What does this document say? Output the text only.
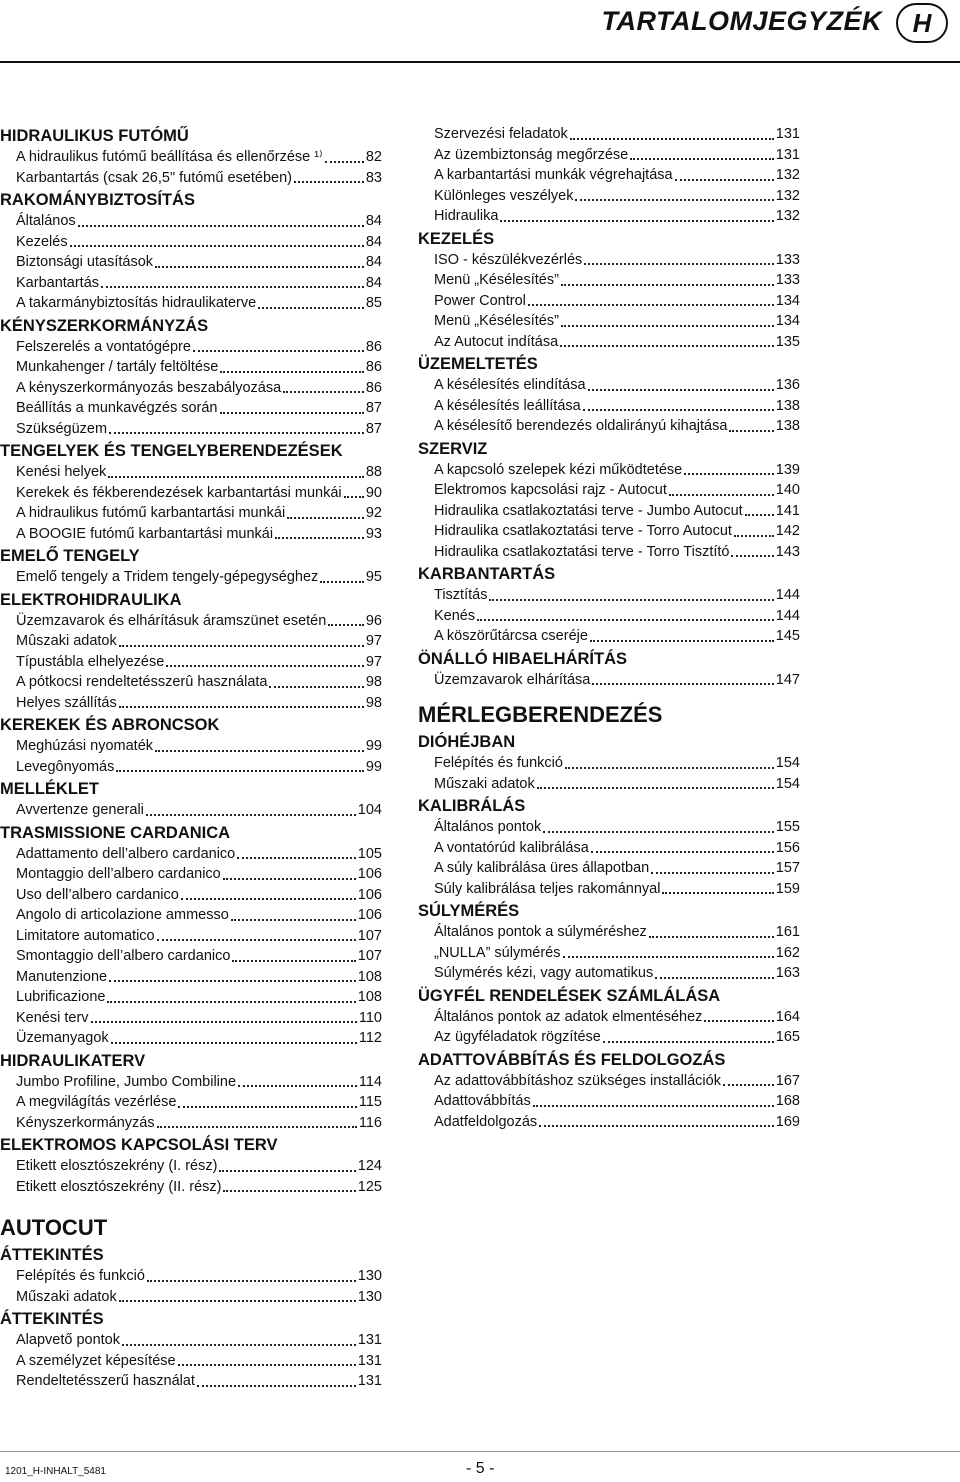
TARTALOMJEGYZÉK	H
HIDRAULIKUS FUTÓMŰ
A hidraulikus futómű beállítása és ellenőrzése ¹⁾	82
Karbantartás (csak 26,5" futómű esetében)	83
RAKOMÁNYBIZTOSÍTÁS
Általános	84
Kezelés	84
Biztonsági utasítások	84
Karbantartás	84
A takarmánybiztosítás hidraulikaterve	85
KÉNYSZERKORMÁNYZÁS
Felszerelés a vontatógépre	86
Munkahenger / tartály feltöltése	86
A kényszerkormányozás beszabályozása	86
Beállítás a munkavégzés során	87
Szükségüzem	87
TENGELYEK ÉS TENGELYBERENDEZÉSEK
Kenési helyek	88
Kerekek és fékberendezések karbantartási munkái 90
A hidraulikus futómű karbantartási munkái	92
A BOOGIE futómű karbantartási munkái	93
EMELŐ TENGELY
Emelő tengely a Tridem tengely-gépegységhez	95
ELEKTROHIDRAULIKA
Üzemzavarok és elhárításuk áramszünet esetén	96
Mûszaki adatok	97
Típustábla elhelyezése	97
A pótkocsi rendeltetésszerû használata	98
Helyes szállítás	98
KEREKEK ÉS ABRONCSOK
Meghúzási nyomaték	99
Levegônyomás	99
MELLÉKLET
Avvertenze generali	104
TRASMISSIONE CARDANICA
Adattamento dell’albero cardanico	105
Montaggio dell’albero cardanico	106
Uso dell’albero cardanico	106
Angolo di articolazione ammesso	106
Limitatore automatico	107
Smontaggio dell’albero cardanico	107
Manutenzione	108
Lubrificazione	108
Kenési terv	110
Üzemanyagok	112
HIDRAULIKATERV
Jumbo Profiline, Jumbo Combiline	114
A megvilágítás vezérlése	115
Kényszerkormányzás	116
ELEKTROMOS KAPCSOLÁSI TERV
Etikett elosztószekrény (I. rész)	124
Etikett elosztószekrény (II. rész)	125
AUTOCUT
ÁTTEKINTÉS
Felépítés és funkció	130
Műszaki adatok	130
ÁTTEKINTÉS
Alapvető pontok	131
A személyzet képesítése	131
Rendeltetésszerű használat	131
Szervezési feladatok	131
Az üzembiztonság megőrzése	131
A karbantartási munkák végrehajtása	132
Különleges veszélyek	132
Hidraulika	132
KEZELÉS
ISO - készülékvezérlés	133
Menü „Késélesítés”	133
Power Control	134
Menü „Késélesítés”	134
Az Autocut indítása	135
ÜZEMELTETÉS
A késélesítés elindítása	136
A késélesítés leállítása	138
A késélesítő berendezés oldalirányú kihajtása	138
SZERVIZ
A kapcsoló szelepek kézi működtetése	139
Elektromos kapcsolási rajz - Autocut	140
Hidraulika csatlakoztatási terve - Jumbo Autocut 141
Hidraulika csatlakoztatási terve - Torro Autocut	142
Hidraulika csatlakoztatási terve - Torro Tisztító	143
KARBANTARTÁS
Tisztítás	144
Kenés	144
A köszörűtárcsa cseréje	145
ÖNÁLLÓ HIBAELHÁRÍTÁS
Üzemzavarok elhárítása	147
MÉRLEGBERENDEZÉS
DIÓHÉJBAN
Felépítés és funkció	154
Műszaki adatok	154
KALIBRÁLÁS
Általános pontok	155
A vontatórúd kalibrálása	156
A súly kalibrálása üres állapotban	157
Súly kalibrálása teljes rakománnyal	159
SÚLYMÉRÉS
Általános pontok a súlyméréshez	161
„NULLA” súlymérés	162
Súlymérés kézi, vagy automatikus	163
ÜGYFÉL RENDELÉSEK SZÁMLÁLÁSA
Általános pontok az adatok elmentéséhez	164
Az ügyféladatok rögzítése	165
ADATTOVÁBBÍTÁS ÉS FELDOLGOZÁS
Az adattovábbításhoz szükséges installációk	167
Adattovábbítás	168
Adatfeldolgozás	169
1201_H-INHALT_5481	- 5 -
